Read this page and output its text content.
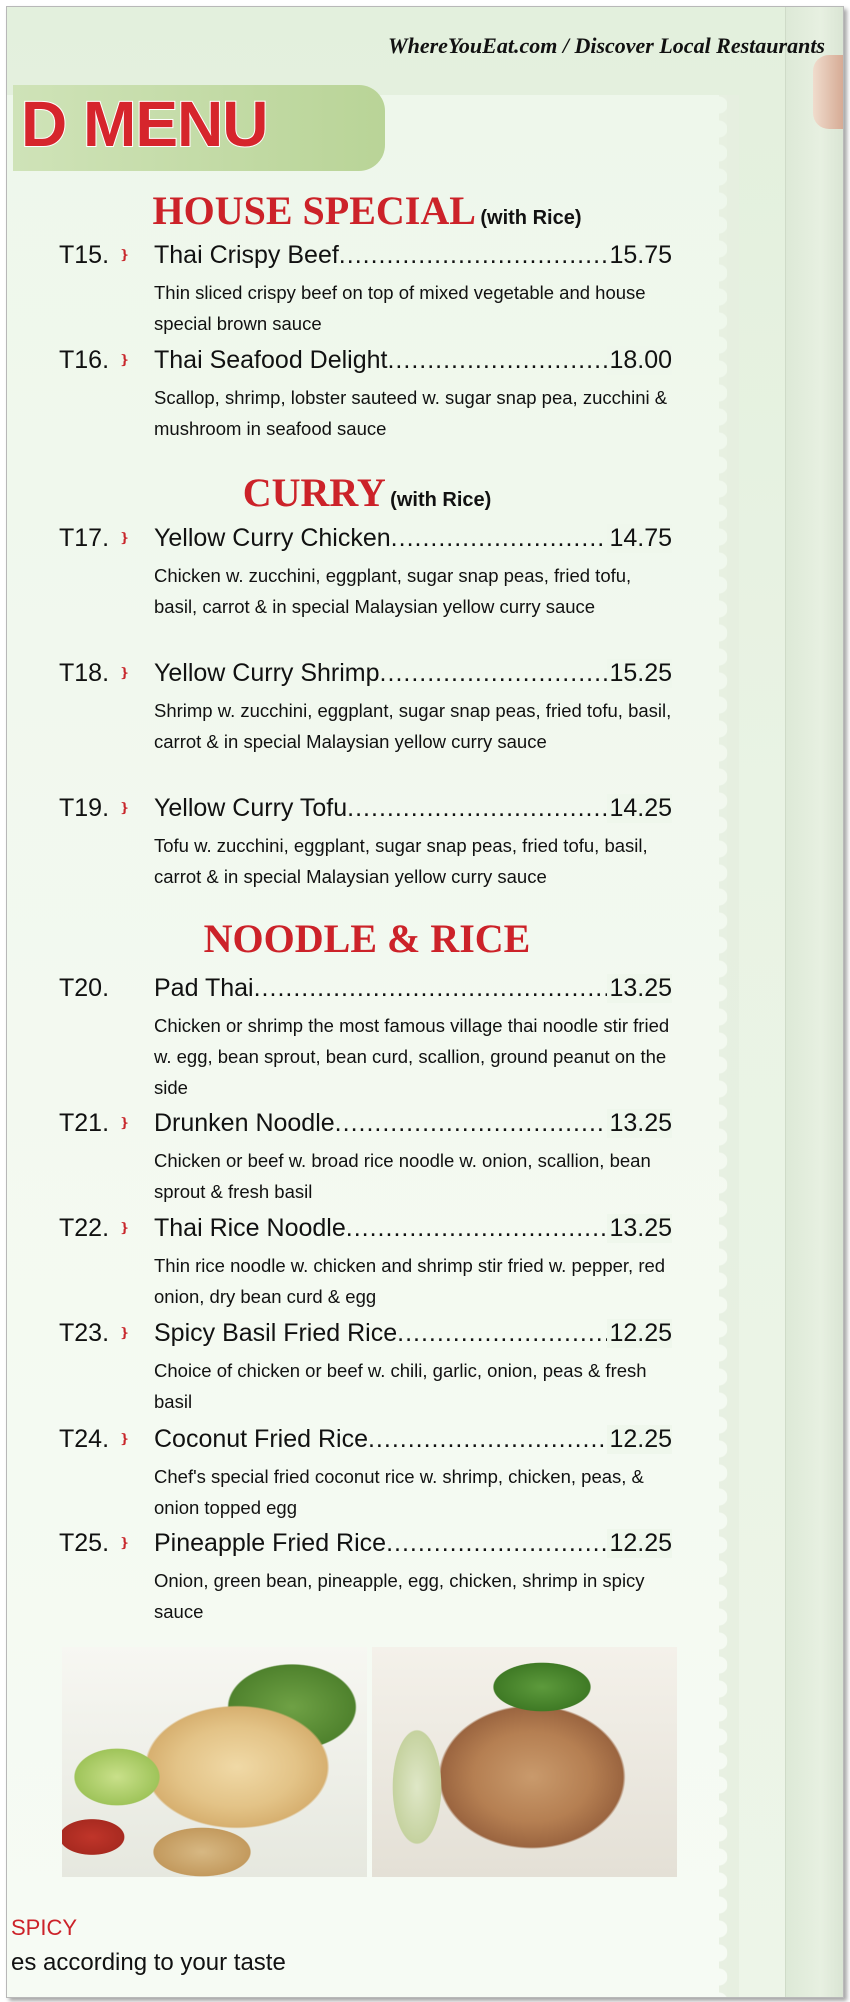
WhereYouEat.com / Discover Local Restaurants
D MENU
HOUSE SPECIAL (with Rice)
CURRY (with Rice)
NOODLE & RICE
T15. ❵ Thai Crispy Beef .....	15.75
Thin sliced crispy beef on top of mixed vegetable and house special brown sauce
T16. ❵ Thai Seafood Delight .....	18.00
Scallop, shrimp, lobster sauteed w. sugar snap pea, zucchini & mushroom in seafood sauce
T17. ❵ Yellow Curry Chicken .....	14.75
Chicken w. zucchini, eggplant, sugar snap peas, fried tofu, basil, carrot & in special Malaysian yellow curry sauce
T18. ❵ Yellow Curry Shrimp .....	15.25
Shrimp w. zucchini, eggplant, sugar snap peas, fried tofu, basil, carrot & in special Malaysian yellow curry sauce
T19. ❵ Yellow Curry Tofu .....	14.25
Tofu w. zucchini, eggplant, sugar snap peas, fried tofu, basil, carrot & in special Malaysian yellow curry sauce
T20. Pad Thai .....	13.25
Chicken or shrimp the most famous village thai noodle stir fried w. egg, bean sprout, bean curd, scallion, ground peanut on the side
T21. ❵ Drunken Noodle .....	13.25
Chicken or beef w. broad rice noodle w. onion, scallion, bean sprout & fresh basil
T22. ❵ Thai Rice Noodle .....	13.25
Thin rice noodle w. chicken and shrimp stir fried w. pepper, red onion, dry bean curd & egg
T23. ❵ Spicy Basil Fried Rice .....	12.25
Choice of chicken or beef w. chili, garlic, onion, peas & fresh basil
T24. ❵ Coconut Fried Rice .....	12.25
Chef's special fried coconut rice w. shrimp, chicken, peas, & onion topped egg
T25. ❵ Pineapple Fried Rice .....	12.25
Onion, green bean, pineapple, egg, chicken, shrimp in spicy sauce
SPICY
es according to your taste
